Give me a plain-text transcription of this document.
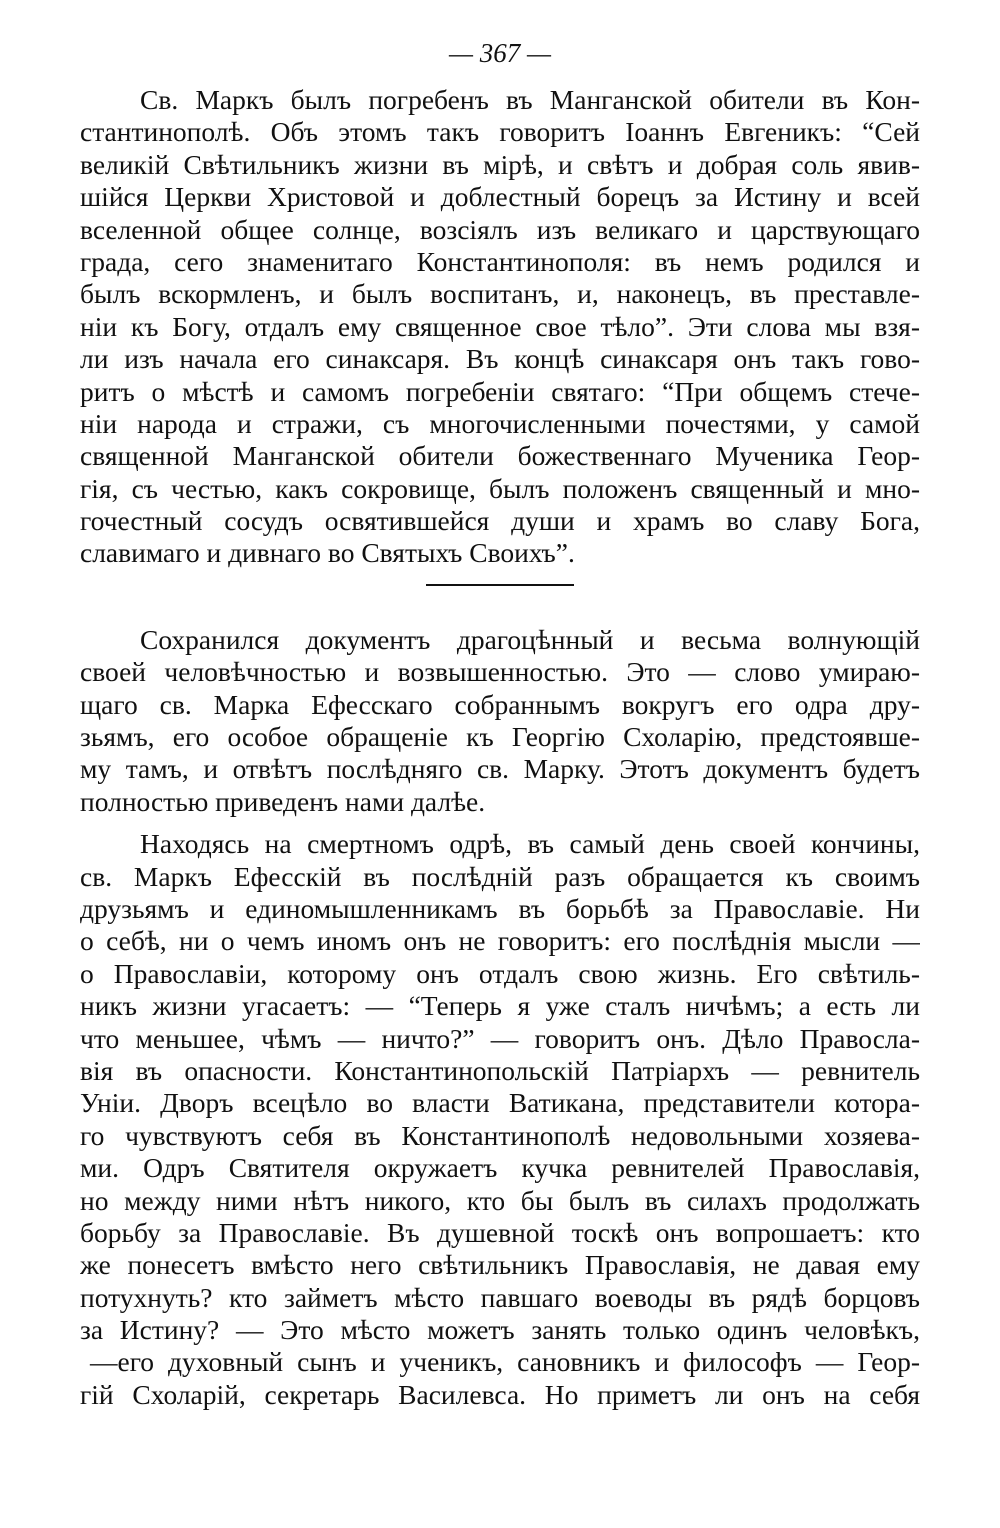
— 367 —
Св. Маркъ былъ погребенъ въ Манганской обители въ Кон-
стантинополѣ. Объ этомъ такъ говоритъ Іоаннъ Евгеникъ: “Сей
великій Свѣтильникъ жизни въ мірѣ, и свѣтъ и добрая соль явив-
шійся Церкви Христовой и доблестный борецъ за Истину и всей
вселенной общее солнце, возсіялъ изъ великаго и царствующаго
града, сего знаменитаго Константинополя: въ немъ родился и
былъ вскормленъ, и былъ воспитанъ, и, наконецъ, въ преставле-
ніи къ Богу, отдалъ ему священное свое тѣло”. Эти слова мы взя-
ли изъ начала его синаксаря. Въ концѣ синаксаря онъ такъ гово-
ритъ о мѣстѣ и самомъ погребеніи святаго: “При общемъ стече-
ніи народа и стражи, съ многочисленными почестями, у самой
священной Манганской обители божественнаго Мученика Геор-
гія, съ честью, какъ сокровище, былъ положенъ священный и мно-
гочестный сосудъ освятившейся души и храмъ во славу Бога,
славимаго и дивнаго во Святыхъ Своихъ”.
Сохранился документъ драгоцѣнный и весьма волнующій
своей человѣчностью и возвышенностью. Это — слово умираю-
щаго св. Марка Ефесскаго собраннымъ вокругъ его одра дру-
зьямъ, его особое обращеніе къ Георгію Схоларію, предстоявше-
му тамъ, и отвѣтъ послѣдняго св. Марку. Этотъ документъ будетъ
полностью приведенъ нами далѣе.
Находясь на смертномъ одрѣ, въ самый день своей кончины,
св. Маркъ Ефесскій въ послѣдній разъ обращается къ своимъ
друзьямъ и единомышленникамъ въ борьбѣ за Православіе. Ни
о себѣ, ни о чемъ иномъ онъ не говоритъ: его послѣднія мысли —
о Православіи, которому онъ отдалъ свою жизнь. Его свѣтиль-
никъ жизни угасаетъ: — “Теперь я уже сталъ ничѣмъ; а есть ли
что меньшее, чѣмъ — ничто?” — говоритъ онъ. Дѣло Правосла-
вія въ опасности. Константинопольскій Патріархъ — ревнитель
Уніи. Дворъ всецѣло во власти Ватикана, представители которa-
го чувствуютъ себя въ Константинополѣ недовольными хозяева-
ми. Одръ Святителя окружаетъ кучка ревнителей Православія,
но между ними нѣтъ никого, кто бы былъ въ силахъ продолжать
борьбу за Православіе. Въ душевной тоскѣ онъ вопрошаетъ: кто
же понесетъ вмѣсто него свѣтильникъ Православія, не давая ему
потухнуть? кто займетъ мѣсто павшаго воеводы въ рядѣ борцовъ
за Истину? — Это мѣсто можетъ занять только одинъ человѣкъ,
—его духовный сынъ и ученикъ, сановникъ и философъ — Геор-
гій Схоларій, секретарь Василевса. Но приметъ ли онъ на себя
